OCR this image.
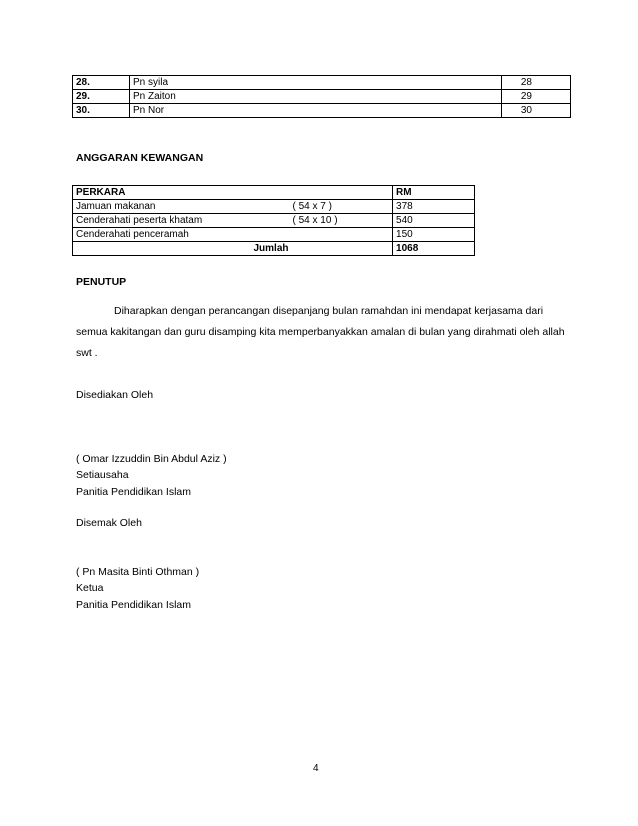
28.	Pn syila	28
29.	Pn Zaiton	29
30.	Pn Nor	30
ANGGARAN KEWANGAN
PERKARA		RM
Jamuan makanan	( 54 x 7 )	378
Cenderahati peserta khatam	( 54 x 10 )	540
Cenderahati penceramah		150
Jumlah		1068
PENUTUP
Diharapkan dengan perancangan disepanjang bulan ramahdan ini mendapat kerjasama dari semua kakitangan dan guru disamping kita memperbanyakkan amalan di bulan yang dirahmati oleh allah swt .
Disediakan Oleh
( Omar Izzuddin Bin Abdul Aziz )
Setiausaha
Panitia Pendidikan Islam
Disemak Oleh
( Pn Masita Binti Othman )
Ketua
Panitia Pendidikan Islam
4
